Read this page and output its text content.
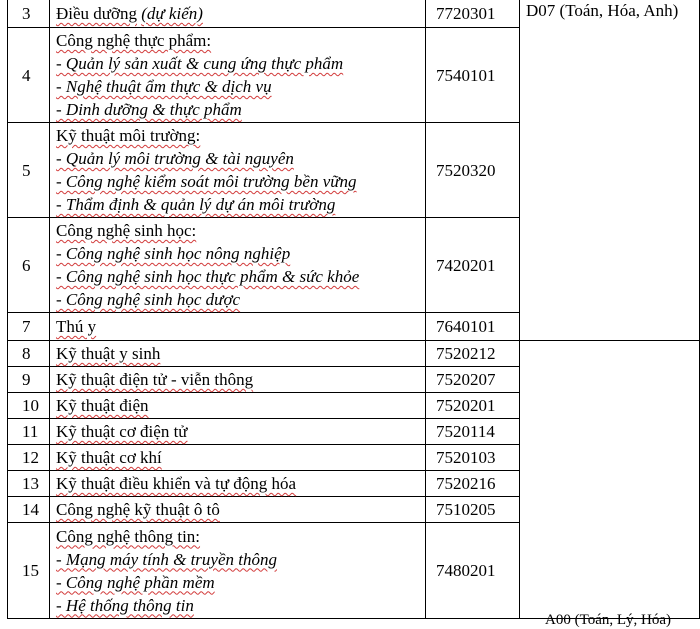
3	Điều dưỡng (dự kiến)	7720301	D07 (Toán, Hóa, Anh)
4	Công nghệ thực phẩm:
- Quản lý sản xuất & cung ứng thực phẩm
- Nghệ thuật ẩm thực & dịch vụ
- Dinh dưỡng & thực phẩm	7540101	
5	Kỹ thuật môi trường:
- Quản lý môi trường & tài nguyên
- Công nghệ kiểm soát môi trường bền vững
- Thẩm định & quản lý dự án môi trường	7520320	
6	Công nghệ sinh học:
- Công nghệ sinh học nông nghiệp
- Công nghệ sinh học thực phẩm & sức khỏe
- Công nghệ sinh học dược	7420201	
7	Thú y	7640101	
8	Kỹ thuật y sinh	7520212	
9	Kỹ thuật điện tử - viễn thông	7520207	
10	Kỹ thuật điện	7520201	
11	Kỹ thuật cơ điện tử	7520114	
12	Kỹ thuật cơ khí	7520103	
13	Kỹ thuật điều khiển và tự động hóa	7520216	
14	Công nghệ kỹ thuật ô tô	7510205	
15	Công nghệ thông tin:
- Mạng máy tính & truyền thông
- Công nghệ phần mềm
- Hệ thống thông tin	7480201	
A00 (Toán, Lý, Hóa)
